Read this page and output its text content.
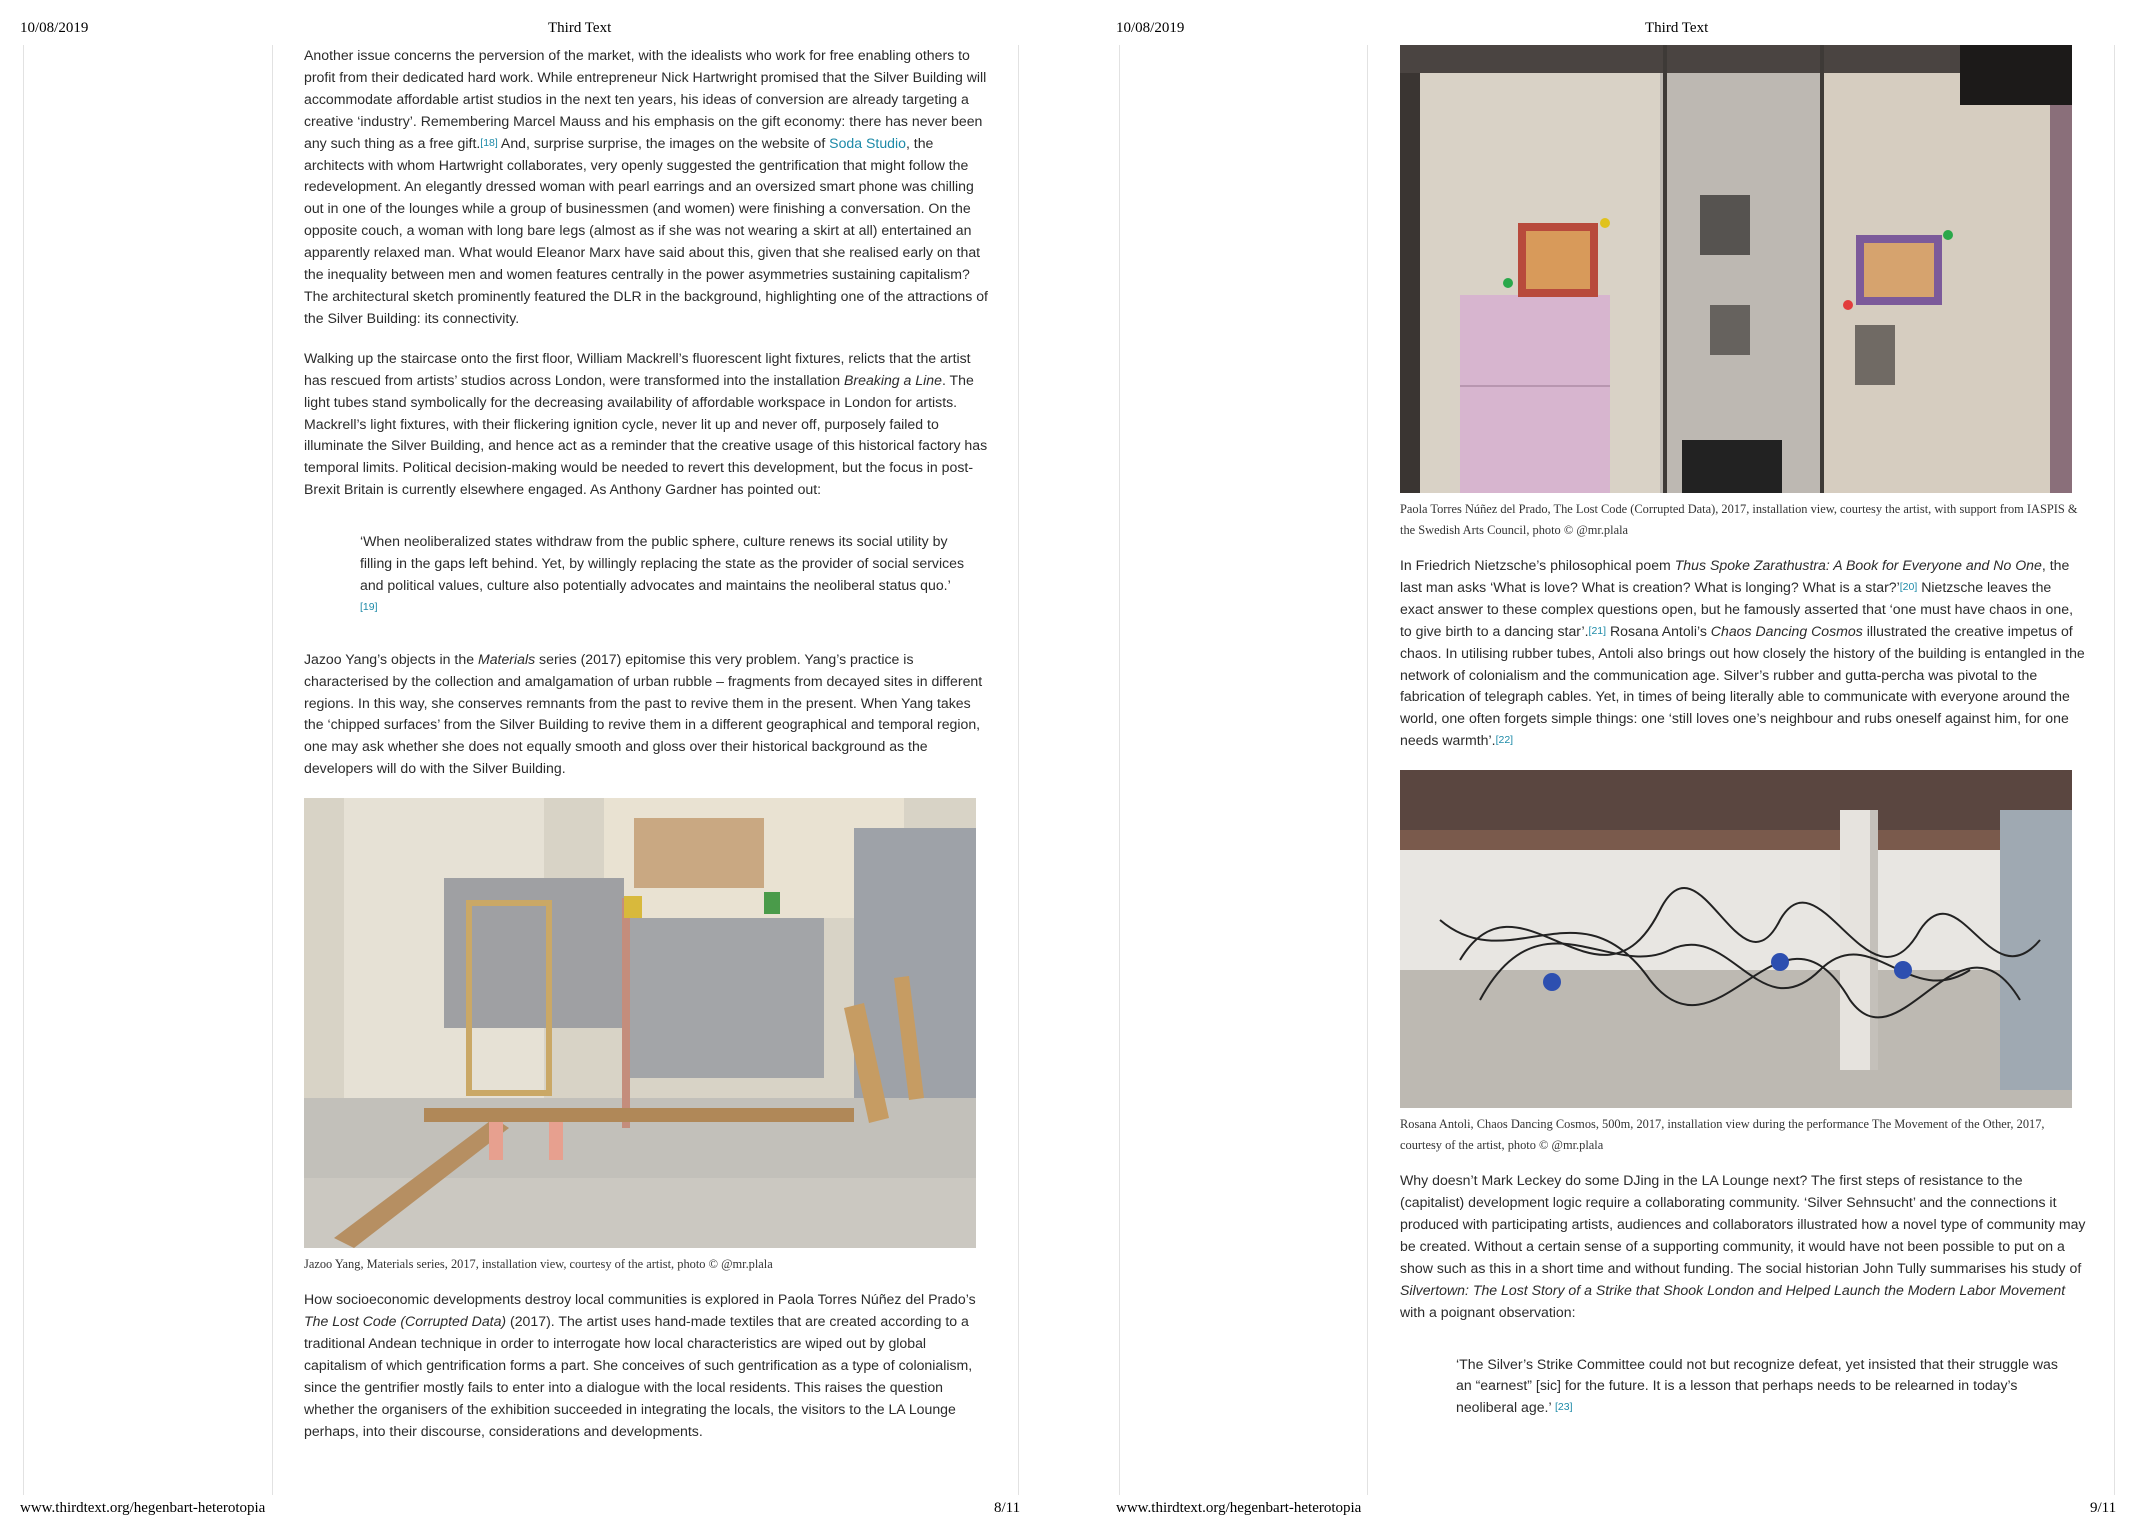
10/08/2019	Third Text

Another issue concerns the perversion of the market, with the idealists who work for free enabling others to profit from their dedicated hard work. While entrepreneur Nick Hartwright promised that the Silver Building will accommodate affordable artist studios in the next ten years, his ideas of conversion are already targeting a creative ‘industry’. Remembering Marcel Mauss and his emphasis on the gift economy: there has never been any such thing as a free gift.[18] And, surprise surprise, the images on the website of Soda Studio, the architects with whom Hartwright collaborates, very openly suggested the gentrification that might follow the redevelopment. An elegantly dressed woman with pearl earrings and an oversized smart phone was chilling out in one of the lounges while a group of businessmen (and women) were finishing a conversation. On the opposite couch, a woman with long bare legs (almost as if she was not wearing a skirt at all) entertained an apparently relaxed man. What would Eleanor Marx have said about this, given that she realised early on that the inequality between men and women features centrally in the power asymmetries sustaining capitalism? The architectural sketch prominently featured the DLR in the background, highlighting one of the attractions of the Silver Building: its connectivity.

Walking up the staircase onto the first floor, William Mackrell’s fluorescent light fixtures, relicts that the artist has rescued from artists’ studios across London, were transformed into the installation Breaking a Line. The light tubes stand symbolically for the decreasing availability of affordable workspace in London for artists. Mackrell’s light fixtures, with their flickering ignition cycle, never lit up and never off, purposely failed to illuminate the Silver Building, and hence act as a reminder that the creative usage of this historical factory has temporal limits. Political decision-making would be needed to revert this development, but the focus in post-Brexit Britain is currently elsewhere engaged. As Anthony Gardner has pointed out:

‘When neoliberalized states withdraw from the public sphere, culture renews its social utility by filling in the gaps left behind. Yet, by willingly replacing the state as the provider of social services and political values, culture also potentially advocates and maintains the neoliberal status quo.’ [19]

Jazoo Yang’s objects in the Materials series (2017) epitomise this very problem. Yang’s practice is characterised by the collection and amalgamation of urban rubble – fragments from decayed sites in different regions. In this way, she conserves remnants from the past to revive them in the present. When Yang takes the ‘chipped surfaces’ from the Silver Building to revive them in a different geographical and temporal region, one may ask whether she does not equally smooth and gloss over their historical background as the developers will do with the Silver Building.

Jazoo Yang, Materials series, 2017, installation view, courtesy of the artist, photo © @mr.plala

How socioeconomic developments destroy local communities is explored in Paola Torres Núñez del Prado’s The Lost Code (Corrupted Data) (2017). The artist uses hand-made textiles that are created according to a traditional Andean technique in order to interrogate how local characteristics are wiped out by global capitalism of which gentrification forms a part. She conceives of such gentrification as a type of colonialism, since the gentrifier mostly fails to enter into a dialogue with the local residents. This raises the question whether the organisers of the exhibition succeeded in integrating the locals, the visitors to the LA Lounge perhaps, into their discourse, considerations and developments.

www.thirdtext.org/hegenbart-heterotopia	8/11
10/08/2019	Third Text
Paola Torres Núñez del Prado, The Lost Code (Corrupted Data), 2017, installation view, courtesy the artist, with support from IASPIS & the Swedish Arts Council, photo © @mr.plala

In Friedrich Nietzsche’s philosophical poem Thus Spoke Zarathustra: A Book for Everyone and No One, the last man asks ‘What is love? What is creation? What is longing? What is a star?’[20] Nietzsche leaves the exact answer to these complex questions open, but he famously asserted that ‘one must have chaos in one, to give birth to a dancing star’.[21] Rosana Antoli’s Chaos Dancing Cosmos illustrated the creative impetus of chaos. In utilising rubber tubes, Antoli also brings out how closely the history of the building is entangled in the network of colonialism and the communication age. Silver’s rubber and gutta-percha was pivotal to the fabrication of telegraph cables. Yet, in times of being literally able to communicate with everyone around the world, one often forgets simple things: one ‘still loves one’s neighbour and rubs oneself against him, for one needs warmth’.[22]

Rosana Antoli, Chaos Dancing Cosmos, 500m, 2017, installation view during the performance The Movement of the Other, 2017, courtesy of the artist, photo © @mr.plala

Why doesn’t Mark Leckey do some DJing in the LA Lounge next? The first steps of resistance to the (capitalist) development logic require a collaborating community. ‘Silver Sehnsucht’ and the connections it produced with participating artists, audiences and collaborators illustrated how a novel type of community may be created. Without a certain sense of a supporting community, it would have not been possible to put on a show such as this in a short time and without funding. The social historian John Tully summarises his study of Silvertown: The Lost Story of a Strike that Shook London and Helped Launch the Modern Labor Movement with a poignant observation:

‘The Silver’s Strike Committee could not but recognize defeat, yet insisted that their struggle was an “earnest” [sic] for the future. It is a lesson that perhaps needs to be relearned in today’s neoliberal age.’ [23]
www.thirdtext.org/hegenbart-heterotopia	9/11
